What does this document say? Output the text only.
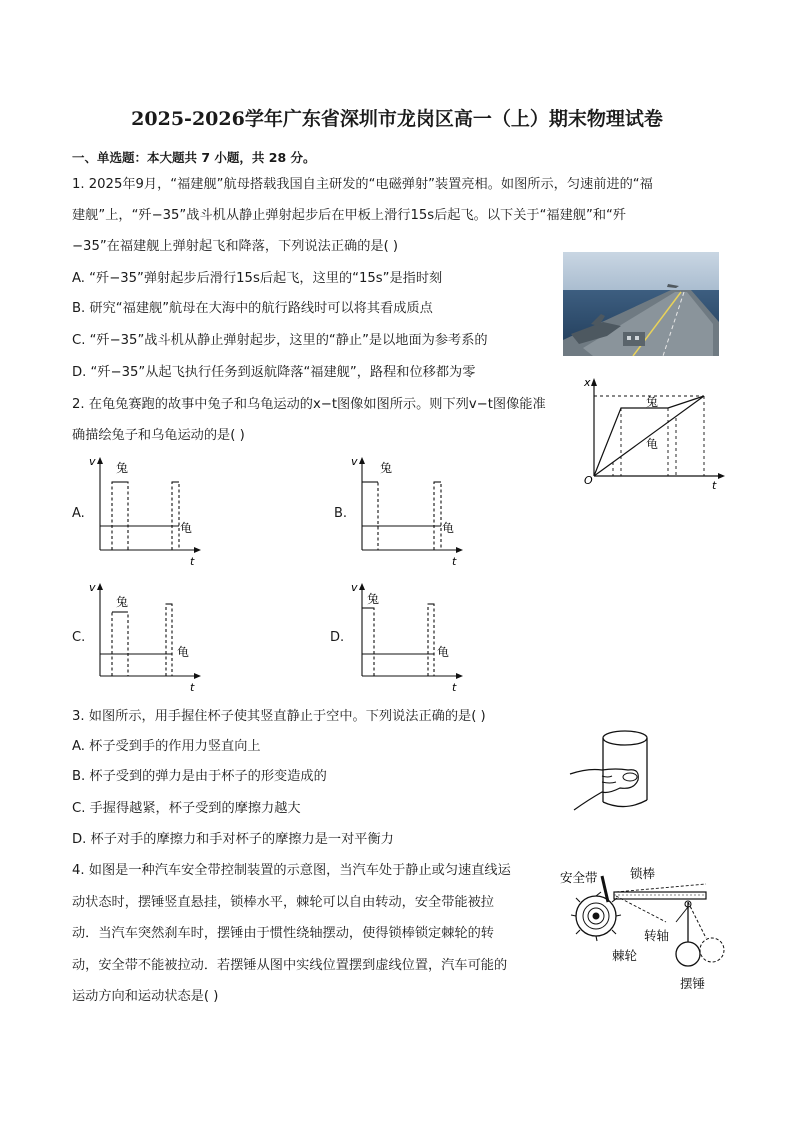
2025-2026学年广东省深圳市龙岗区高一（上）期末物理试卷
一、单选题：本大题共 7 小题，共 28 分。
1. 2025年9月，“福建舰”航母搭载我国自主研发的“电磁弹射”装置亮相。如图所示，匀速前进的“福
建舰”上，“歼−35”战斗机从静止弹射起步后在甲板上滑行15s后起飞。以下关于“福建舰”和“歼
−35”在福建舰上弹射起飞和降落，下列说法正确的是( )
A. “歼−35”弹射起步后滑行15s后起飞，这里的“15s”是指时刻
B. 研究“福建舰”航母在大海中的航行路线时可以将其看成质点
C. “歼−35”战斗机从静止弹射起步，这里的“静止”是以地面为参考系的
D. “歼−35”从起飞执行任务到返航降落“福建舰”，路程和位移都为零
2. 在龟兔赛跑的故事中兔子和乌龟运动的x−t图像如图所示。则下列v−t图像能准
确描绘兔子和乌龟运动的是( )
x
t
O
兔
龟
A.
v
t
兔
龟
B.
v
t
兔
龟
C.
v
t
兔
龟
D.
v
t
兔
龟
3. 如图所示，用手握住杯子使其竖直静止于空中。下列说法正确的是( )
A. 杯子受到手的作用力竖直向上
B. 杯子受到的弹力是由于杯子的形变造成的
C. 手握得越紧，杯子受到的摩擦力越大
D. 杯子对手的摩擦力和手对杯子的摩擦力是一对平衡力
4. 如图是一种汽车安全带控制装置的示意图，当汽车处于静止或匀速直线运
动状态时，摆锤竖直悬挂，锁棒水平，棘轮可以自由转动，安全带能被拉
动．当汽车突然刹车时，摆锤由于惯性绕轴摆动，使得锁棒锁定棘轮的转
动，安全带不能被拉动．若摆锤从图中实线位置摆到虚线位置，汽车可能的
运动方向和运动状态是( )
安全带	锁棒
转轴
棘轮
摆锤
